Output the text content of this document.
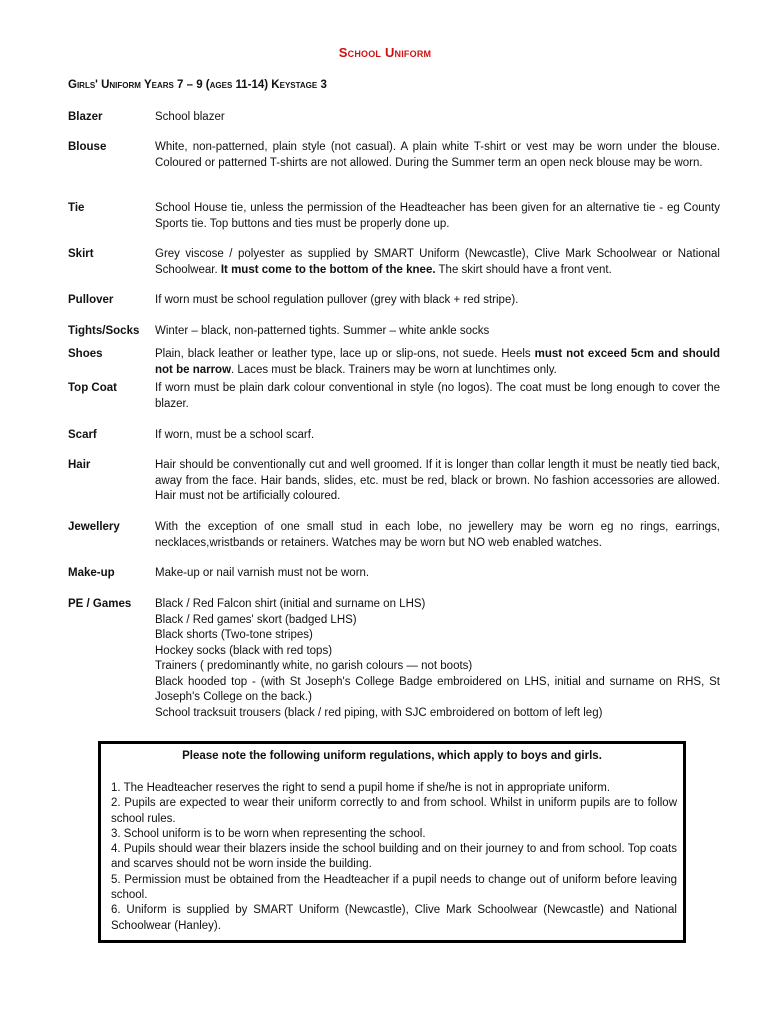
School Uniform
Girls' Uniform Years 7 – 9 (ages 11-14) Keystage 3
Blazer	School blazer
Blouse	White, non-patterned, plain style (not casual). A plain white T-shirt or vest may be worn under the blouse. Coloured or patterned T-shirts are not allowed. During the Summer term an open neck blouse may be worn.
Tie	School House tie, unless the permission of the Headteacher has been given for an alternative tie - eg County Sports tie. Top buttons and ties must be properly done up.
Skirt	Grey viscose / polyester as supplied by SMART Uniform (Newcastle), Clive Mark Schoolwear or National Schoolwear. It must come to the bottom of the knee. The skirt should have a front vent.
Pullover	If worn must be school regulation pullover (grey with black + red stripe).
Tights/Socks	Winter – black, non-patterned tights. Summer – white ankle socks
Shoes	Plain, black leather or leather type, lace up or slip-ons, not suede. Heels must not exceed 5cm and should not be narrow. Laces must be black. Trainers may be worn at lunchtimes only.
Top Coat	If worn must be plain dark colour conventional in style (no logos). The coat must be long enough to cover the blazer.
Scarf	If worn, must be a school scarf.
Hair	Hair should be conventionally cut and well groomed. If it is longer than collar length it must be neatly tied back, away from the face. Hair bands, slides, etc. must be red, black or brown. No fashion accessories are allowed. Hair must not be artificially coloured.
Jewellery	With the exception of one small stud in each lobe, no jewellery may be worn eg no rings, earrings, necklaces,wristbands or retainers. Watches may be worn but NO web enabled watches.
Make-up	Make-up or nail varnish must not be worn.
PE / Games	Black / Red Falcon shirt (initial and surname on LHS)
Black / Red games' skort (badged LHS)
Black shorts (Two-tone stripes)
Hockey socks (black with red tops)
Trainers ( predominantly white, no garish colours — not boots)
Black hooded top - (with St Joseph's College Badge embroidered on LHS, initial and surname on RHS, St Joseph's College on the back.)
School tracksuit trousers (black / red piping, with SJC embroidered on bottom of left leg)
Please note the following uniform regulations, which apply to boys and girls.
1. The Headteacher reserves the right to send a pupil home if she/he is not in appropriate uniform.
2. Pupils are expected to wear their uniform correctly to and from school. Whilst in uniform pupils are to follow school rules.
3. School uniform is to be worn when representing the school.
4. Pupils should wear their blazers inside the school building and on their journey to and from school. Top coats and scarves should not be worn inside the building.
5. Permission must be obtained from the Headteacher if a pupil needs to change out of uniform before leaving school.
6. Uniform is supplied by SMART Uniform (Newcastle), Clive Mark Schoolwear (Newcastle) and National Schoolwear (Hanley).
